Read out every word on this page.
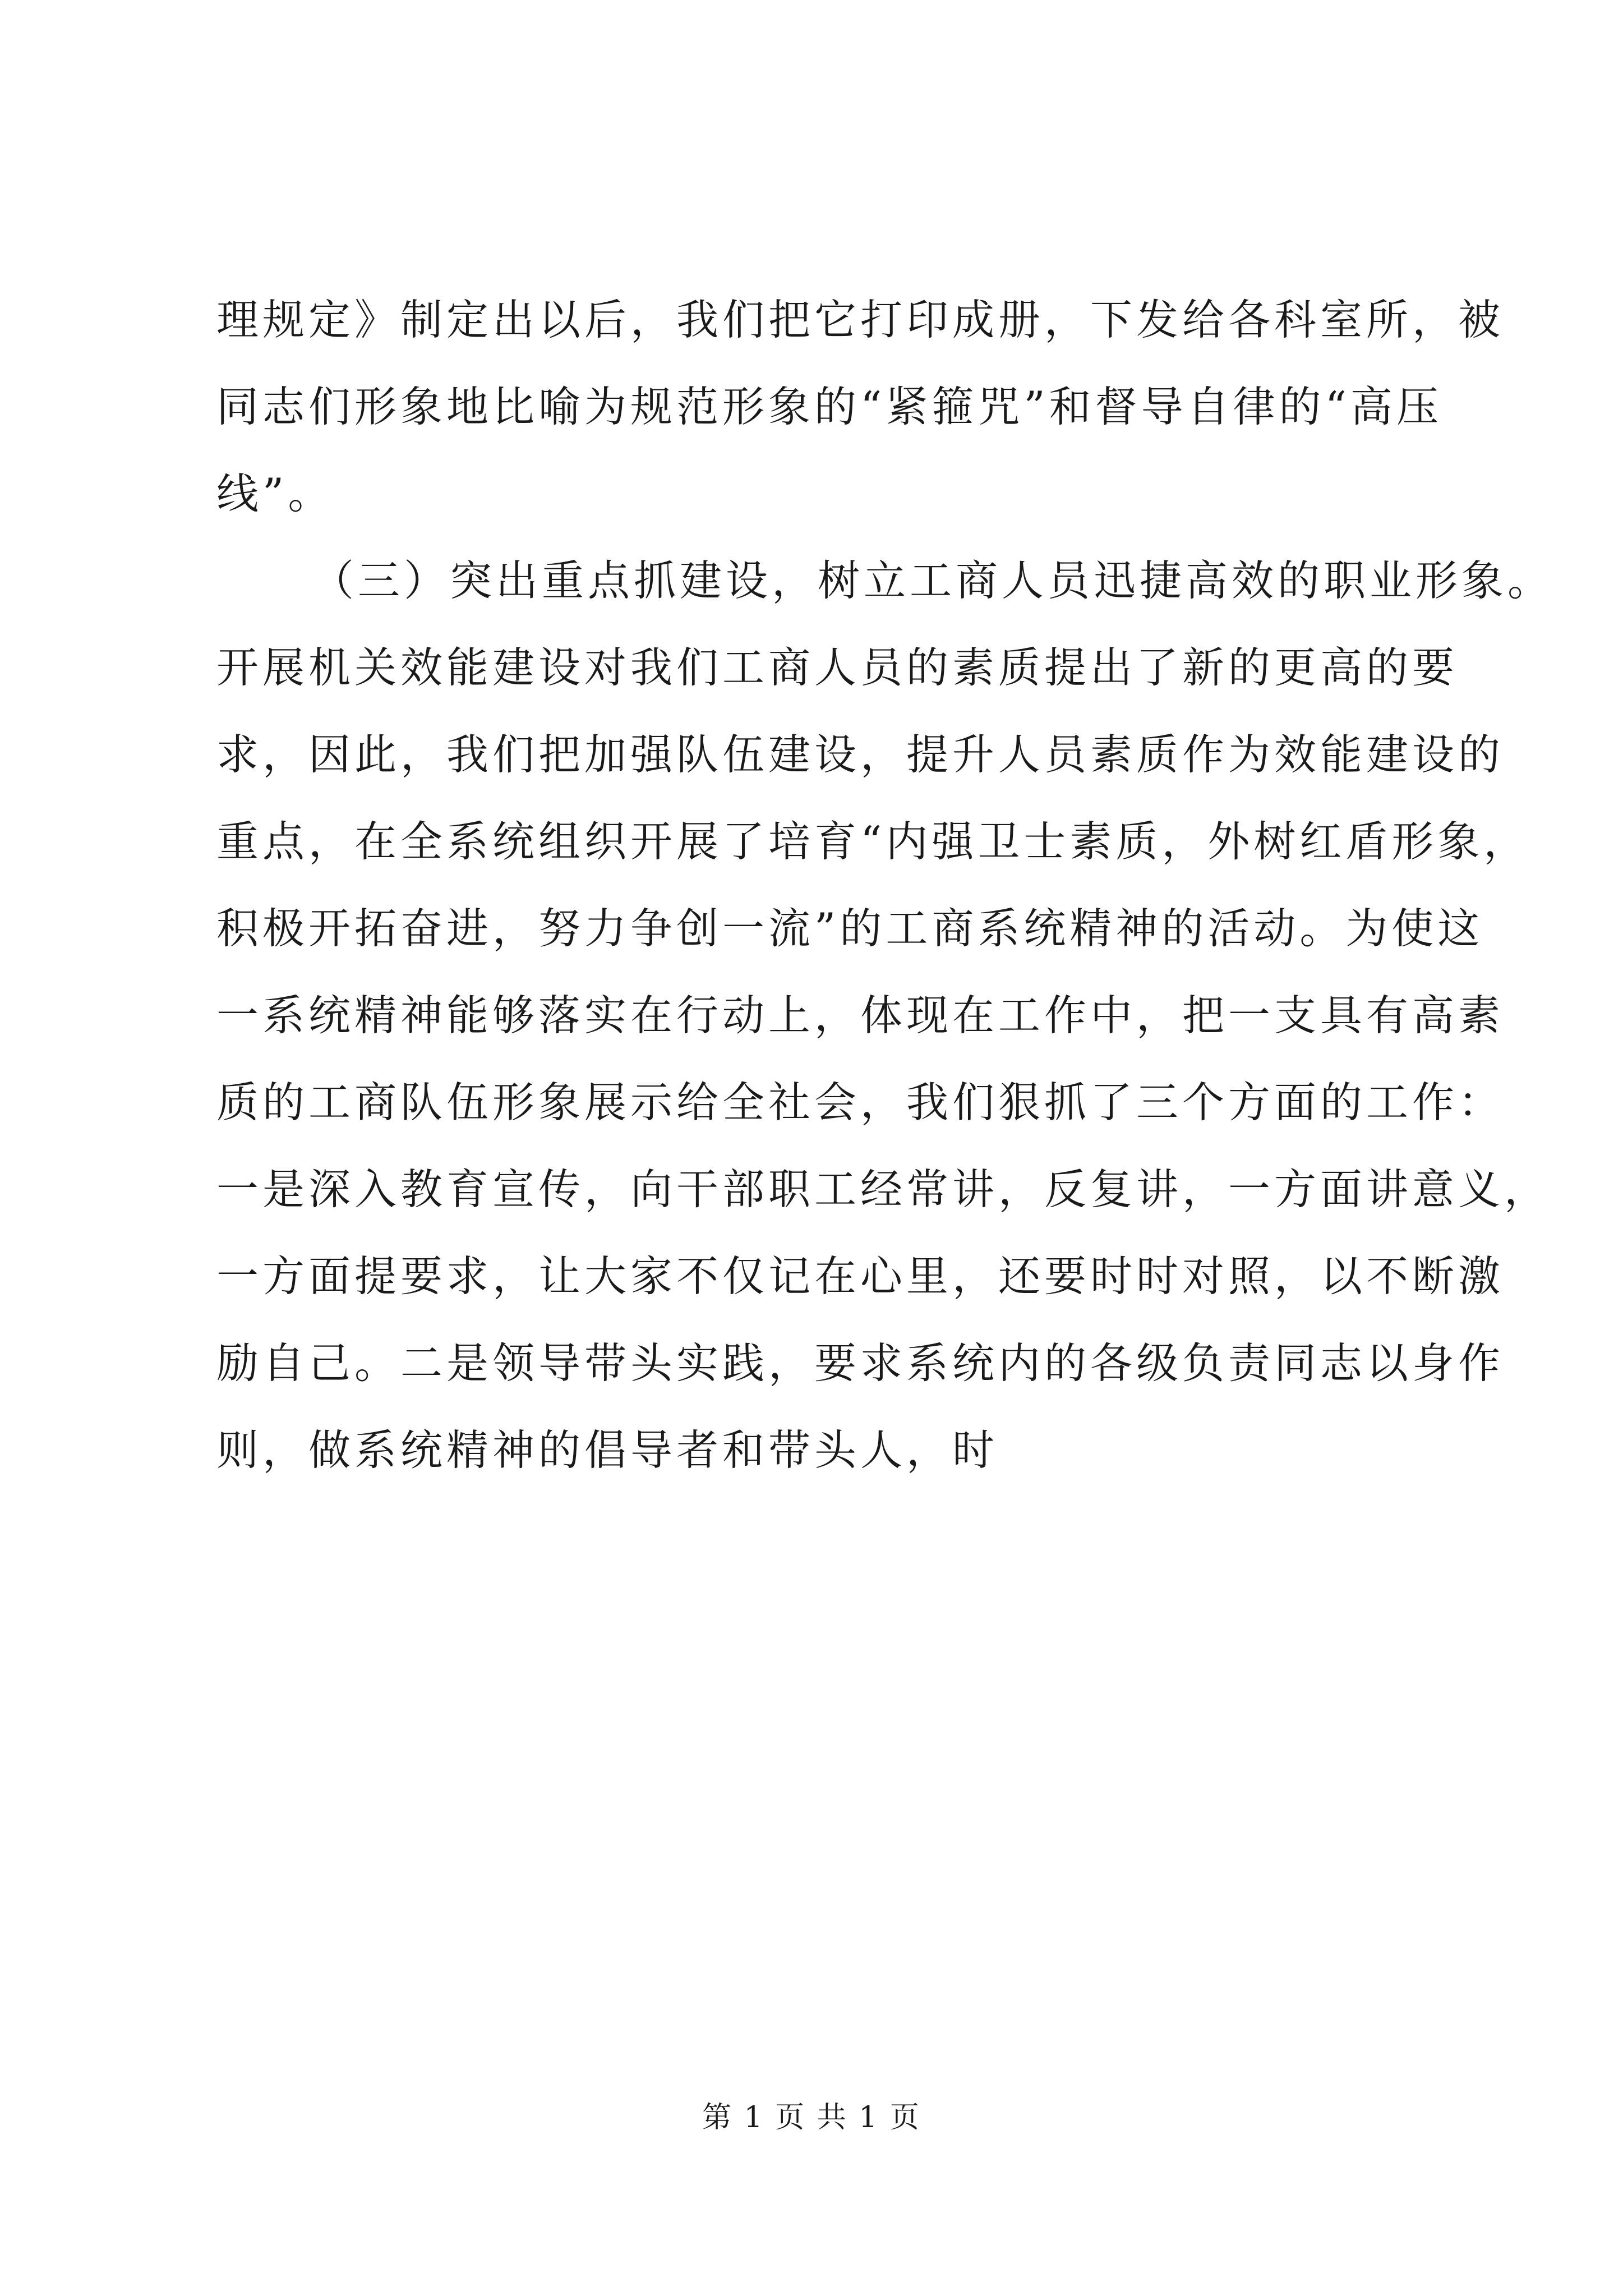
理规定》制定出以后，我们把它打印成册，下发给各科室所，被
同志们形象地比喻为规范形象的“紧箍咒”和督导自律的“高压
线”。
（三）突出重点抓建设，树立工商人员迅捷高效的职业形象。
开展机关效能建设对我们工商人员的素质提出了新的更高的要
求，因此，我们把加强队伍建设，提升人员素质作为效能建设的
重点，在全系统组织开展了培育“内强卫士素质，外树红盾形象，
积极开拓奋进，努力争创一流”的工商系统精神的活动。为使这
一系统精神能够落实在行动上，体现在工作中，把一支具有高素
质的工商队伍形象展示给全社会，我们狠抓了三个方面的工作：
一是深入教育宣传，向干部职工经常讲，反复讲，一方面讲意义，
一方面提要求，让大家不仅记在心里，还要时时对照，以不断激
励自己。二是领导带头实践，要求系统内的各级负责同志以身作
则，做系统精神的倡导者和带头人，时
第 1 页 共 1 页
